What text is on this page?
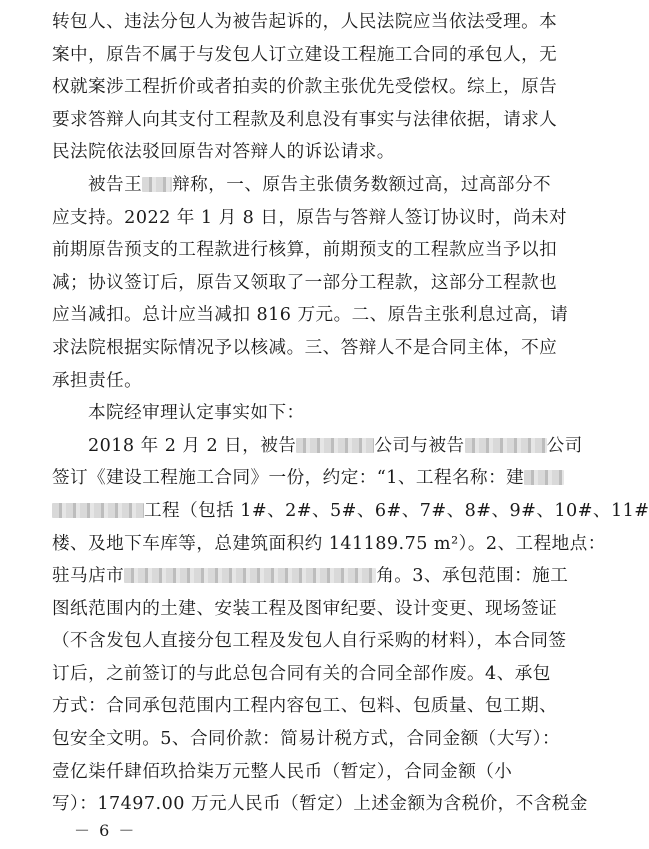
转包人、违法分包人为被告起诉的，人民法院应当依法受理。本
案中，原告不属于与发包人订立建设工程施工合同的承包人，无
权就案涉工程折价或者拍卖的价款主张优先受偿权。综上，原告
要求答辩人向其支付工程款及利息没有事实与法律依据，请求人
民法院依法驳回原告对答辩人的诉讼请求。
被告王 辩称，一、原告主张债务数额过高，过高部分不
应支持。2022 年 1 月 8 日，原告与答辩人签订协议时，尚未对
前期原告预支的工程款进行核算，前期预支的工程款应当予以扣
减；协议签订后，原告又领取了一部分工程款，这部分工程款也
应当减扣。总计应当减扣 816 万元。二、原告主张利息过高，请
求法院根据实际情况予以核减。三、答辩人不是合同主体，不应
承担责任。
本院经审理认定事实如下：
2018 年 2 月 2 日，被告	公司与被告	公司
签订《建设工程施工合同》一份，约定：“1、工程名称：建
工程（包括 1#、2#、5#、6#、7#、8#、9#、10#、11#
楼、及地下车库等，总建筑面积约 141189.75 m²）。2、工程地点：
驻马店市	角。3、承包范围：施工
图纸范围内的土建、安装工程及图审纪要、设计变更、现场签证
（不含发包人直接分包工程及发包人自行采购的材料），本合同签
订后，之前签订的与此总包合同有关的合同全部作废。4、承包
方式：合同承包范围内工程内容包工、包料、包质量、包工期、
包安全文明。5、合同价款：简易计税方式，合同金额（大写）：
壹亿柒仟肆佰玖拾柒万元整人民币（暂定），合同金额（小
写）：17497.00 万元人民币（暂定）上述金额为含税价，不含税金
－ 6 －
